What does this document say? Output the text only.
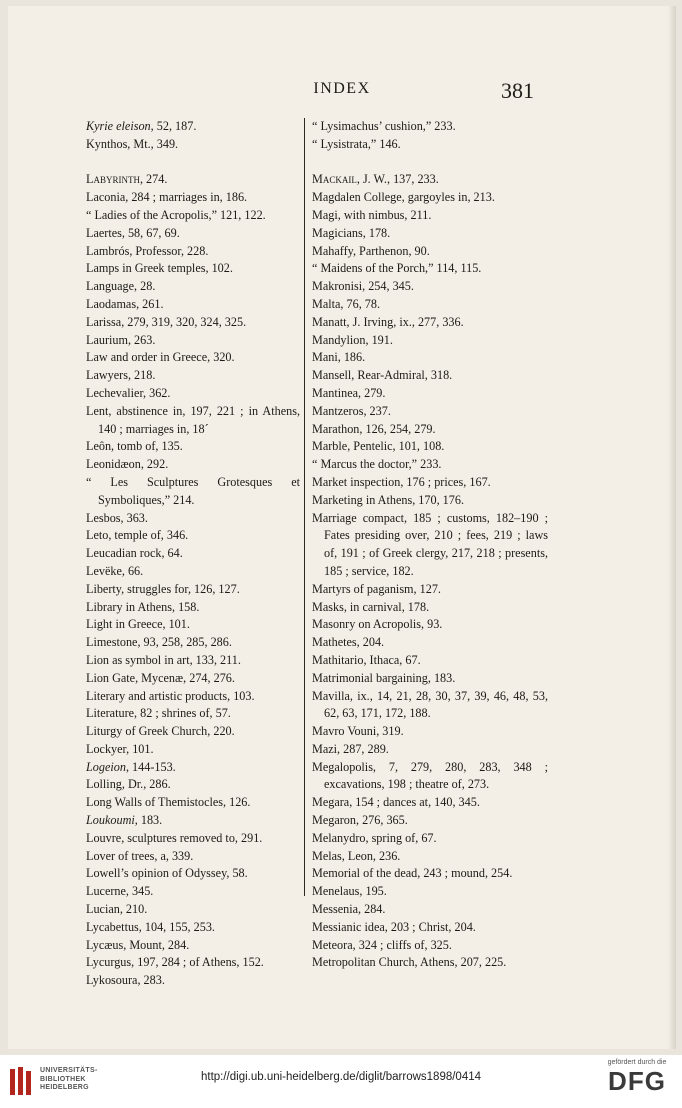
INDEX	381
Kyrie eleison, 52, 187.
Kynthos, Mt., 349.
Labyrinth, 274.
Laconia, 284 ; marriages in, 186.
“ Ladies of the Acropolis,” 121, 122.
Laertes, 58, 67, 69.
Lambrós, Professor, 228.
Lamps in Greek temples, 102.
Language, 28.
Laodamas, 261.
Larissa, 279, 319, 320, 324, 325.
Laurium, 263.
Law and order in Greece, 320.
Lawyers, 218.
Lechevalier, 362.
Lent, abstinence in, 197, 221 ; in Athens, 140 ; marriages in, 18´
Leôn, tomb of, 135.
Leonidæon, 292.
“ Les Sculptures Grotesques et Symboliques,” 214.
Lesbos, 363.
Leto, temple of, 346.
Leucadian rock, 64.
Levëke, 66.
Liberty, struggles for, 126, 127.
Library in Athens, 158.
Light in Greece, 101.
Limestone, 93, 258, 285, 286.
Lion as symbol in art, 133, 211.
Lion Gate, Mycenæ, 274, 276.
Literary and artistic products, 103.
Literature, 82 ; shrines of, 57.
Liturgy of Greek Church, 220.
Lockyer, 101.
Logeion, 144-153.
Lolling, Dr., 286.
Long Walls of Themistocles, 126.
Loukoumi, 183.
Louvre, sculptures removed to, 291.
Lover of trees, a, 339.
Lowell’s opinion of Odyssey, 58.
Lucerne, 345.
Lucian, 210.
Lycabettus, 104, 155, 253.
Lycæus, Mount, 284.
Lycurgus, 197, 284 ; of Athens, 152.
Lykosoura, 283.
“ Lysimachus’ cushion,” 233.
“ Lysistrata,” 146.
Mackail, J. W., 137, 233.
Magdalen College, gargoyles in, 213.
Magi, with nimbus, 211.
Magicians, 178.
Mahaffy, Parthenon, 90.
“ Maidens of the Porch,” 114, 115.
Makronisi, 254, 345.
Malta, 76, 78.
Manatt, J. Irving, ix., 277, 336.
Mandylion, 191.
Mani, 186.
Mansell, Rear-Admiral, 318.
Mantinea, 279.
Mantzeros, 237.
Marathon, 126, 254, 279.
Marble, Pentelic, 101, 108.
“ Marcus the doctor,” 233.
Market inspection, 176 ; prices, 167.
Marketing in Athens, 170, 176.
Marriage compact, 185 ; customs, 182–190 ; Fates presiding over, 210 ; fees, 219 ; laws of, 191 ; of Greek clergy, 217, 218 ; presents, 185 ; service, 182.
Martyrs of paganism, 127.
Masks, in carnival, 178.
Masonry on Acropolis, 93.
Mathetes, 204.
Mathitario, Ithaca, 67.
Matrimonial bargaining, 183.
Mavilla, ix., 14, 21, 28, 30, 37, 39, 46, 48, 53, 62, 63, 171, 172, 188.
Mavro Vouni, 319.
Mazi, 287, 289.
Megalopolis, 7, 279, 280, 283, 348 ; excavations, 198 ; theatre of, 273.
Megara, 154 ; dances at, 140, 345.
Megaron, 276, 365.
Melanydro, spring of, 67.
Melas, Leon, 236.
Memorial of the dead, 243 ; mound, 254.
Menelaus, 195.
Messenia, 284.
Messianic idea, 203 ; Christ, 204.
Meteora, 324 ; cliffs of, 325.
Metropolitan Church, Athens, 207, 225.
UNIVERSITÄTS-
BIBLIOTHEK
HEIDELBERG
http://digi.ub.uni-heidelberg.de/diglit/barrows1898/0414
gefördert durch die
DFG
